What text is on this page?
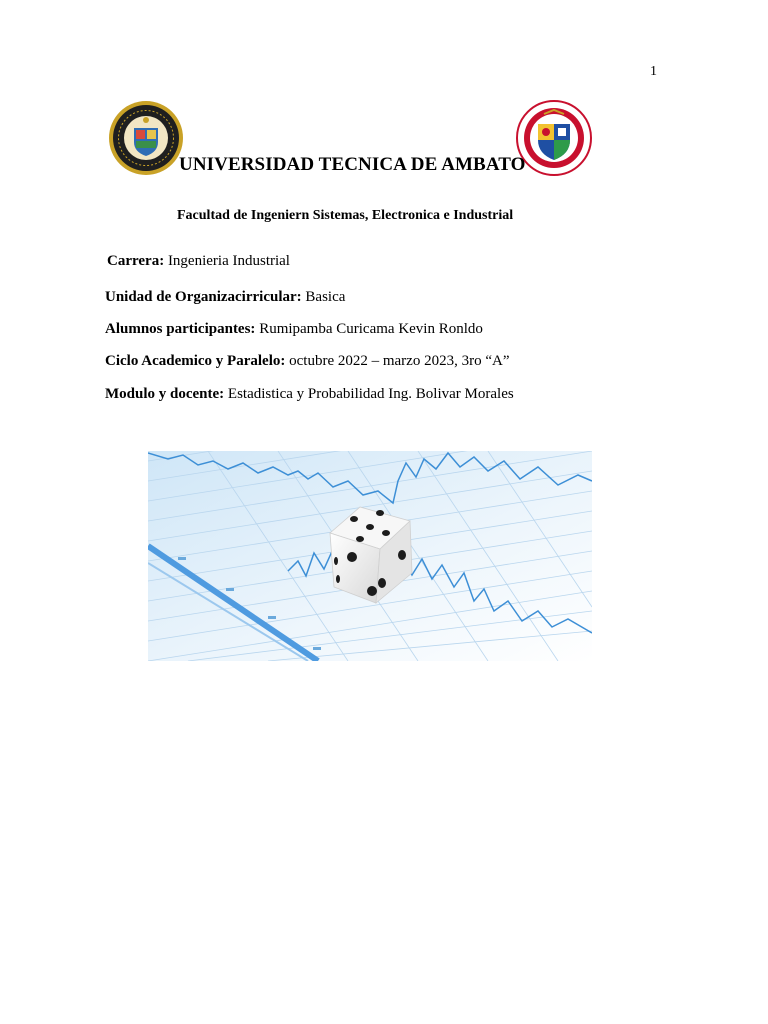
1
UNIVERSIDAD TECNICA DE AMBATO
Facultad de Ingeniern Sistemas, Electronica e Industrial
Carrera: Ingenieria Industrial
Unidad de Organizacirricular: Basica
Alumnos participantes: Rumipamba Curicama Kevin Ronldo
Ciclo Academico y Paralelo: octubre 2022 – marzo 2023, 3ro “A”
Modulo y docente: Estadistica y Probabilidad Ing. Bolivar Morales
